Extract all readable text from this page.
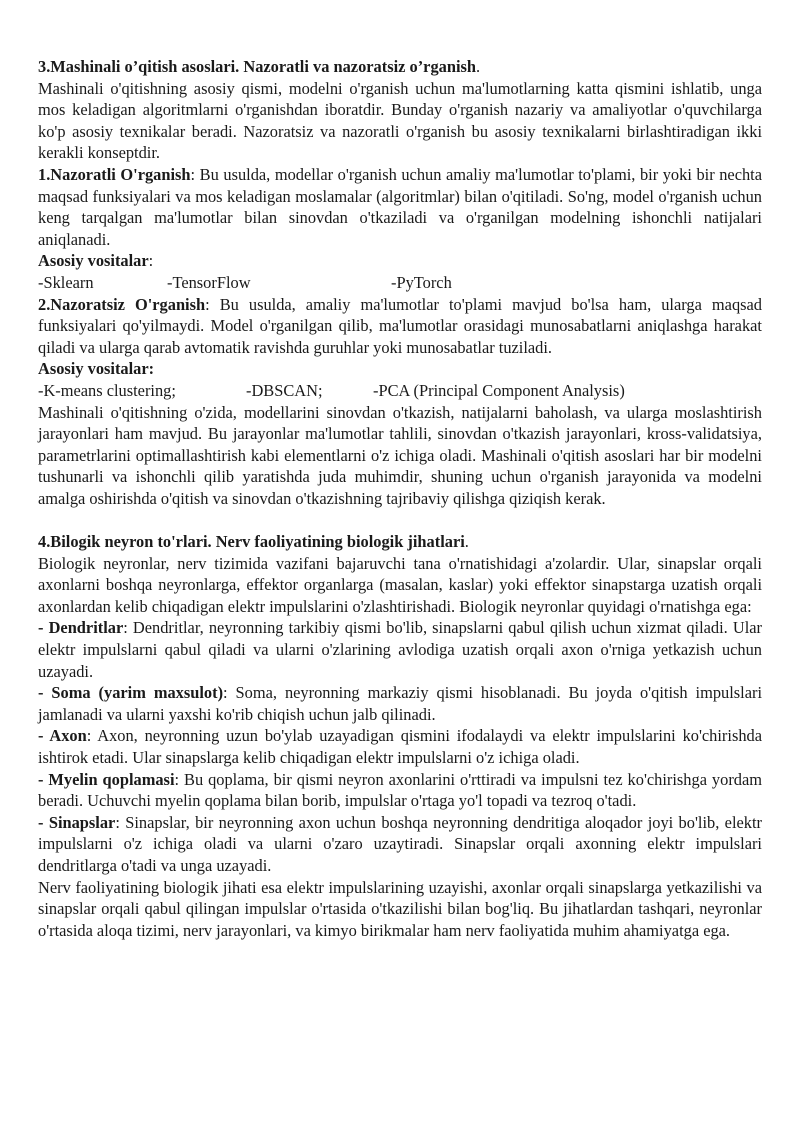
3.Mashinali o’qitish asoslari. Nazoratli va nazoratsiz o’rganish.

Mashinali o'qitishning asosiy qismi, modelni o'rganish uchun ma'lumotlarning katta qismini ishlatib, unga mos keladigan algoritmlarni o'rganishdan iboratdir. Bunday o'rganish nazariy va amaliyotlar o'quvchilarga ko'p asosiy texnikalar beradi. Nazoratsiz va nazoratli o'rganish bu asosiy texnikalarni birlashtiradigan ikki kerakli konseptdir.

1.Nazoratli O'rganish: Bu usulda, modellar o'rganish uchun amaliy ma'lumotlar to'plami, bir yoki bir nechta maqsad funksiyalari va mos keladigan moslamalar (algoritmlar) bilan o'qitiladi. So'ng, model o'rganish uchun keng tarqalgan ma'lumotlar bilan sinovdan o'tkaziladi va o'rganilgan modelning ishonchli natijalari aniqlanadi.

Asosiy vositalar:

-Sklearn	-TensorFlow	-PyTorch

2.Nazoratsiz O'rganish: Bu usulda, amaliy ma'lumotlar to'plami mavjud bo'lsa ham, ularga maqsad funksiyalari qo'yilmaydi. Model o'rganilgan qilib, ma'lumotlar orasidagi munosabatlarni aniqlashga harakat qiladi va ularga qarab avtomatik ravishda guruhlar yoki munosabatlar tuziladi.

Asosiy vositalar:

-K-means clustering;	-DBSCAN;	-PCA (Principal Component Analysis)

Mashinali o'qitishning o'zida, modellarini sinovdan o'tkazish, natijalarni baholash, va ularga moslashtirish jarayonlari ham mavjud. Bu jarayonlar ma'lumotlar tahlili, sinovdan o'tkazish jarayonlari, kross-validatsiya, parametrlarini optimallashtirish kabi elementlarni o'z ichiga oladi. Mashinali o'qitish asoslari har bir modelni tushunarli va ishonchli qilib yaratishda juda muhimdir, shuning uchun o'rganish jarayonida va modelni amalga oshirishda o'qitish va sinovdan o'tkazishning tajribaviy qilishga qiziqish kerak.

4.Bilogik neyron to'rlari. Nerv faoliyatining biologik jihatlari.

Biologik neyronlar, nerv tizimida vazifani bajaruvchi tana o'rnatishidagi a'zolardir. Ular, sinapslar orqali axonlarni boshqa neyronlarga, effektor organlarga (masalan, kaslar) yoki effektor sinapstarga uzatish orqali axonlardan kelib chiqadigan elektr impulslarini o'zlashtirishadi. Biologik neyronlar quyidagi o'rnatishga ega:

- Dendritlar: Dendritlar, neyronning tarkibiy qismi bo'lib, sinapslarni qabul qilish uchun xizmat qiladi. Ular elektr impulslarni qabul qiladi va ularni o'zlarining avlodiga uzatish orqali axon o'rniga yetkazish uchun uzayadi.

- Soma (yarim maxsulot): Soma, neyronning markaziy qismi hisoblanadi. Bu joyda o'qitish impulslari jamlanadi va ularni yaxshi ko'rib chiqish uchun jalb qilinadi.

- Axon: Axon, neyronning uzun bo'ylab uzayadigan qismini ifodalaydi va elektr impulslarini ko'chirishda ishtirok etadi. Ular sinapslarga kelib chiqadigan elektr impulslarni o'z ichiga oladi.

- Myelin qoplamasi: Bu qoplama, bir qismi neyron axonlarini o'rttiradi va impulsni tez ko'chirishga yordam beradi. Uchuvchi myelin qoplama bilan borib, impulslar o'rtaga yo'l topadi va tezroq o'tadi.

- Sinapslar: Sinapslar, bir neyronning axon uchun boshqa neyronning dendritiga aloqador joyi bo'lib, elektr impulslarni o'z ichiga oladi va ularni o'zaro uzaytiradi. Sinapslar orqali axonning elektr impulslari dendritlarga o'tadi va unga uzayadi.

Nerv faoliyatining biologik jihati esa elektr impulslarining uzayishi, axonlar orqali sinapslarga yetkazilishi va sinapslar orqali qabul qilingan impulslar o'rtasida o'tkazilishi bilan bog'liq. Bu jihatlardan tashqari, neyronlar o'rtasida aloqa tizimi, nerv jarayonlari, va kimyo birikmalar ham nerv faoliyatida muhim ahamiyatga ega.
